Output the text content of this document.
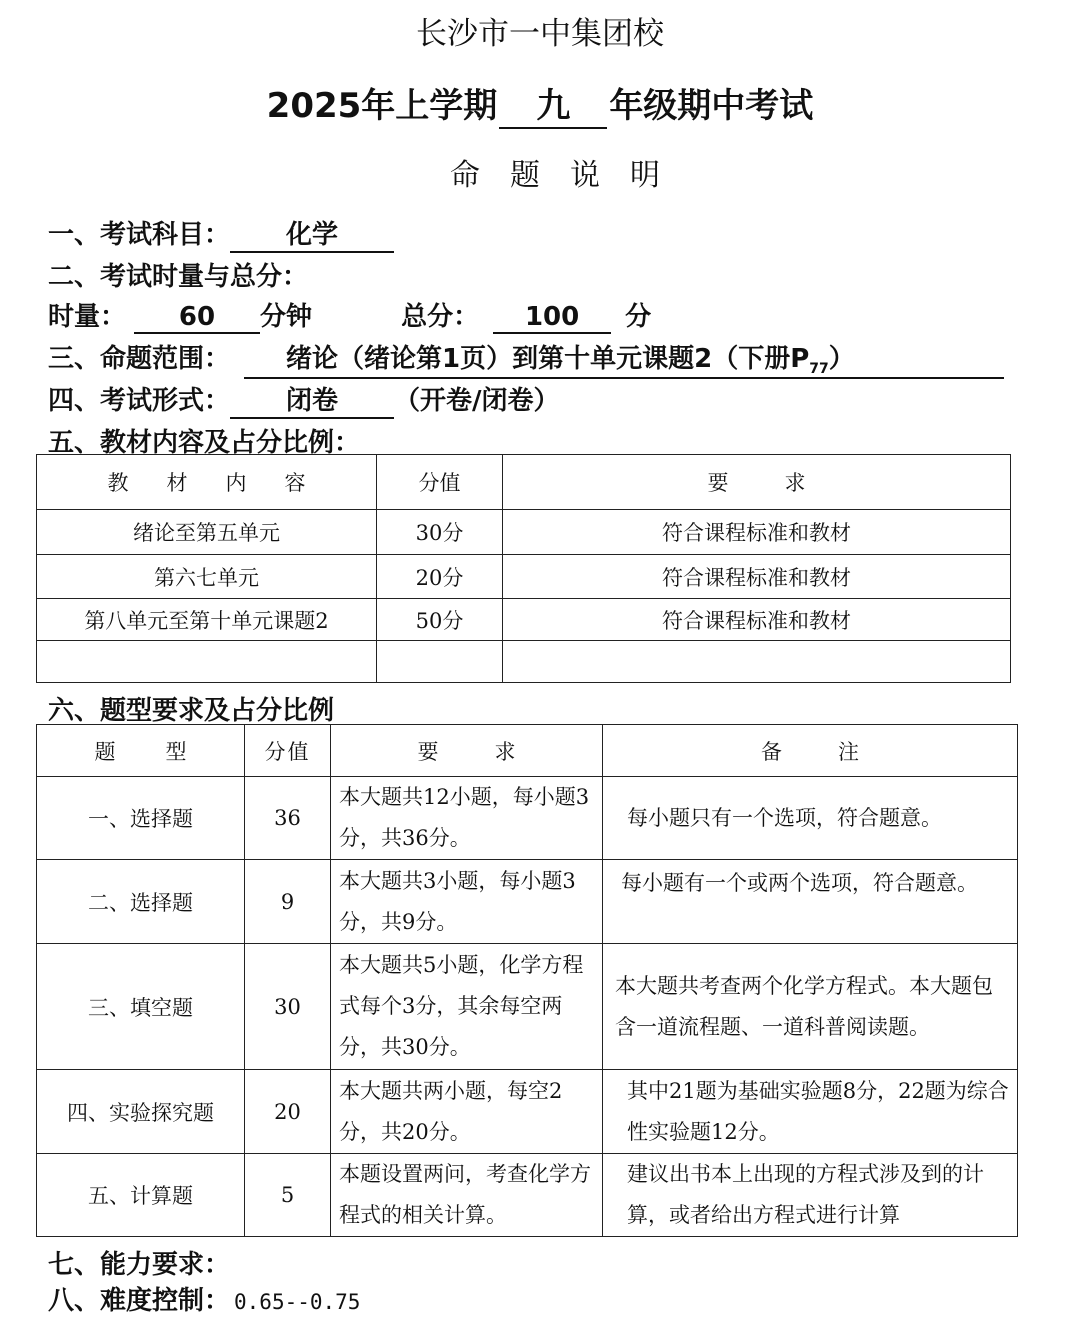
长沙市一中集团校
2025年上学期 九 年级期中考试
命题说明
一、考试科目： 化学
二、考试时量与总分：
时量： 60 分钟	总分： 100 分
三、命题范围： 绪论（绪论第1页）到第十单元课题2（下册$P_{77}$）
四、考试形式： 闭卷 （开卷/闭卷）
五、教材内容及占分比例：
教材内容	分值	要求
绪论至第五单元	30分	符合课程标准和教材
第六七单元	20分	符合课程标准和教材
第八单元至第十单元课题2	50分	符合课程标准和教材

六、题型要求及占分比例
题型	分值	要求	备注
一、选择题	36	本大题共12小题，每小题3分，共36分。	每小题只有一个选项，符合题意。
二、选择题	9	本大题共3小题，每小题3分，共9分。	每小题有一个或两个选项，符合题意。
三、填空题	30	本大题共5小题，化学方程式每个3分，其余每空两分，共30分。	本大题共考查两个化学方程式。本大题包含一道流程题、一道科普阅读题。
四、实验探究题	20	本大题共两小题，每空2分，共20分。	其中21题为基础实验题8分，22题为综合性实验题12分。
五、计算题	5	本题设置两问，考查化学方程式的相关计算。	建议出书本上出现的方程式涉及到的计算，或者给出方程式进行计算
七、能力要求：
八、难度控制： 0.65--0.75
